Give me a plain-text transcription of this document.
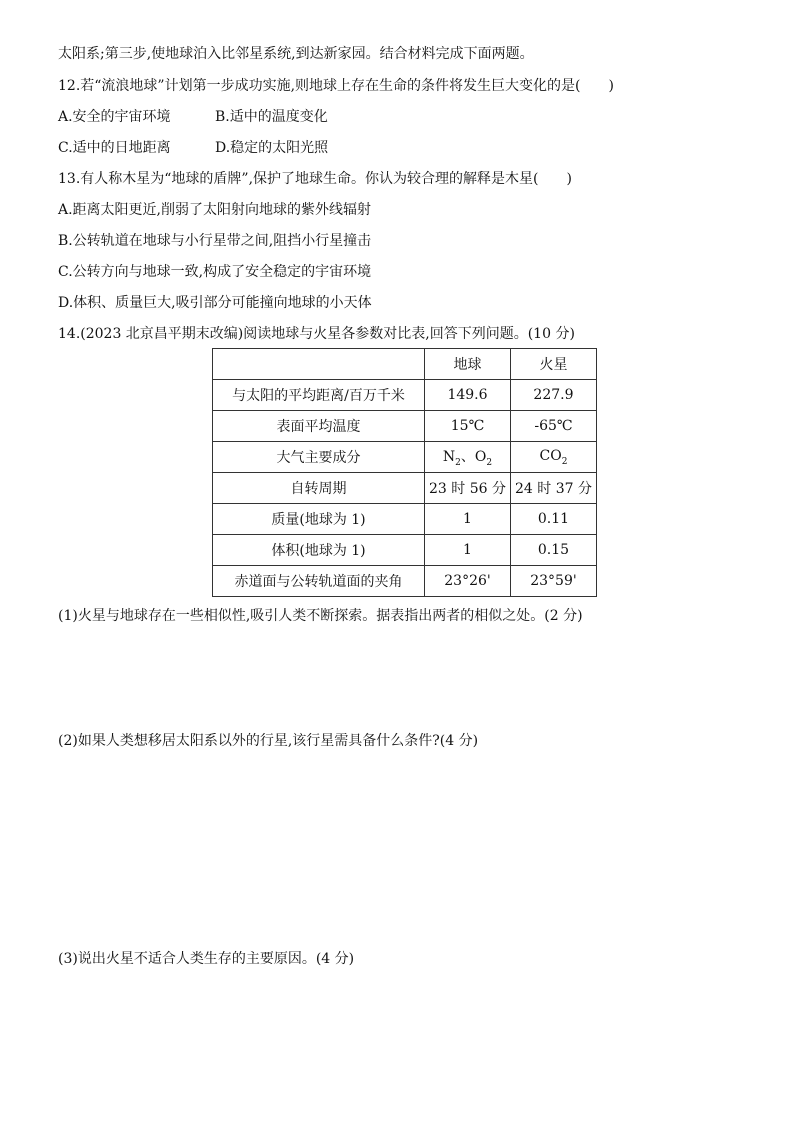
太阳系;第三步,使地球泊入比邻星系统,到达新家园。结合材料完成下面两题。
12.若“流浪地球”计划第一步成功实施,则地球上存在生命的条件将发生巨大变化的是(　　)
A.安全的宇宙环境	B.适中的温度变化
C.适中的日地距离	D.稳定的太阳光照
13.有人称木星为“地球的盾牌”,保护了地球生命。你认为较合理的解释是木星(　　)
A.距离太阳更近,削弱了太阳射向地球的紫外线辐射
B.公转轨道在地球与小行星带之间,阻挡小行星撞击
C.公转方向与地球一致,构成了安全稳定的宇宙环境
D.体积、质量巨大,吸引部分可能撞向地球的小天体
14.(2023 北京昌平期末改编)阅读地球与火星各参数对比表,回答下列问题。(10 分)
	地球	火星
与太阳的平均距离/百万千米	149.6	227.9
表面平均温度	15℃	-65℃
大气主要成分	$N_2$、$O_2$	$CO_2$
自转周期	23 时 56 分	24 时 37 分
质量(地球为 1)	1	0.11
体积(地球为 1)	1	0.15
赤道面与公转轨道面的夹角	23°26'	23°59'
(1)火星与地球存在一些相似性,吸引人类不断探索。据表指出两者的相似之处。(2 分)
(2)如果人类想移居太阳系以外的行星,该行星需具备什么条件?(4 分)
(3)说出火星不适合人类生存的主要原因。(4 分)
